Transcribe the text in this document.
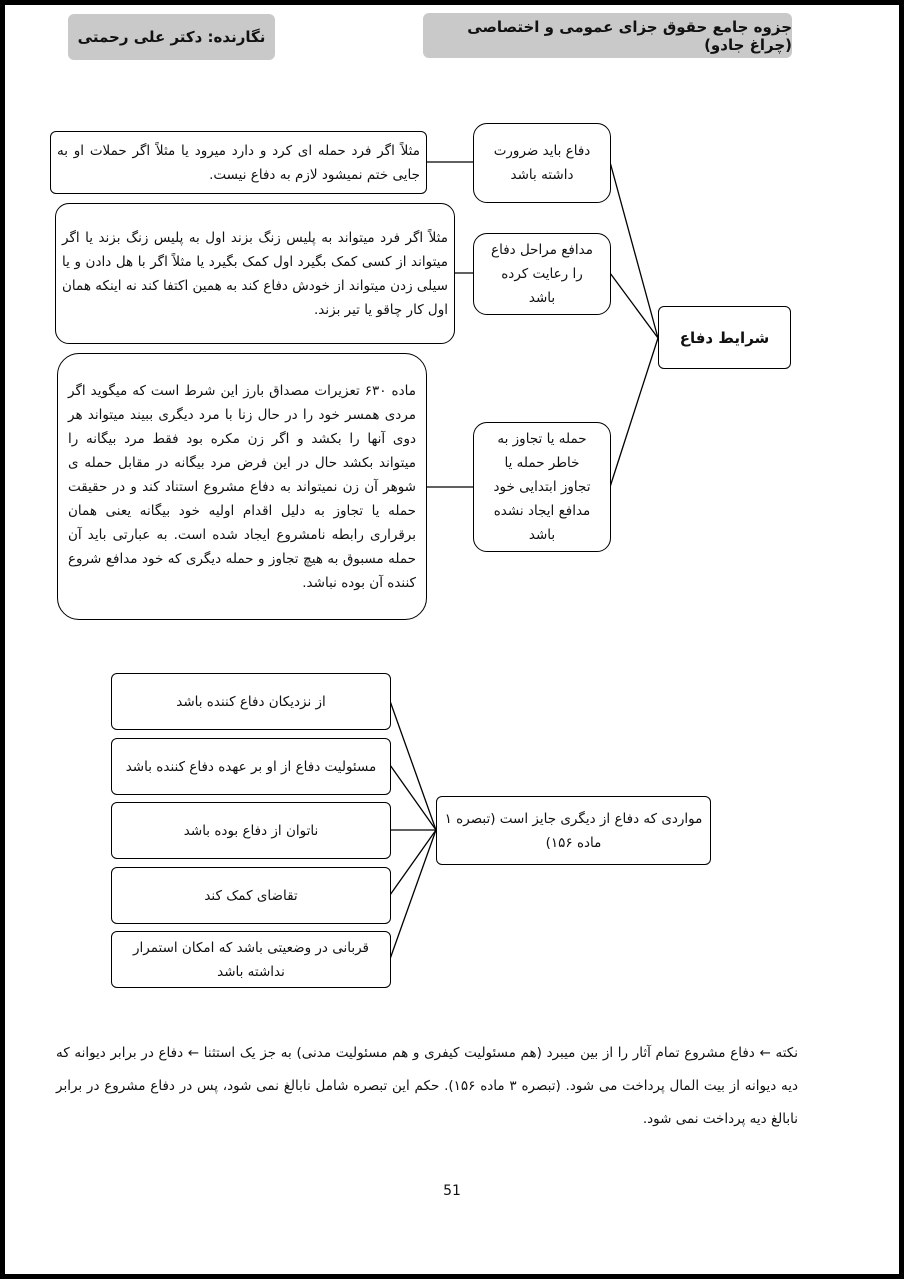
جزوه جامع حقوق جزای عمومی و اختصاصی (چراغ جادو)
نگارنده: دکتر علی رحمتی
شرایط دفاع
دفاع باید ضرورت داشته باشد
مدافع مراحل دفاع را رعایت کرده باشد
حمله یا تجاوز به خاطر حمله یا تجاوز ابتدایی خود مدافع ایجاد نشده باشد
مثلاً اگر فرد حمله ای کرد و دارد میرود یا مثلاً اگر حملات او به جایی ختم نمیشود لازم به دفاع نیست.
مثلاً اگر فرد میتواند به پلیس زنگ بزند اول به پلیس زنگ بزند یا اگر میتواند از کسی کمک بگیرد اول کمک بگیرد یا مثلاً اگر با هل دادن و یا سیلی زدن میتواند از خودش دفاع کند به همین اکتفا کند نه اینکه همان اول کار چاقو یا تیر بزند.
ماده ۶۳۰ تعزیرات مصداق بارز این شرط است که میگوید اگر مردی همسر خود را در حال زنا با مرد دیگری ببیند میتواند هر دوی آنها را بکشد و اگر زن مکره بود فقط مرد بیگانه را میتواند بکشد حال در این فرض مرد بیگانه در مقابل حمله ی شوهر آن زن نمیتواند به دفاع مشروع استناد کند و در حقیقت حمله یا تجاوز به دلیل اقدام اولیه خود بیگانه یعنی همان برقراری رابطه نامشروع ایجاد شده است. به عبارتی باید آن حمله مسبوق به هیچ تجاوز و حمله دیگری که خود مدافع شروع کننده آن بوده نباشد.
مواردی که دفاع از دیگری جایز است (تبصره ۱ ماده ۱۵۶)
از نزدیکان دفاع کننده باشد
مسئولیت دفاع از او بر عهده دفاع کننده باشد
ناتوان از دفاع بوده باشد
تقاضای کمک کند
قربانی در وضعیتی باشد که امکان استمرار نداشته باشد
نکته ← دفاع مشروع تمام آثار را از بین میبرد (هم مسئولیت کیفری و هم مسئولیت مدنی) به جز یک استثنا ← دفاع در برابر دیوانه که دیه دیوانه از بیت المال پرداخت می شود. (تبصره ۳ ماده ۱۵۶). حکم این تبصره شامل نابالغ نمی شود، پس در دفاع مشروع در برابر نابالغ دیه پرداخت نمی شود.
51
